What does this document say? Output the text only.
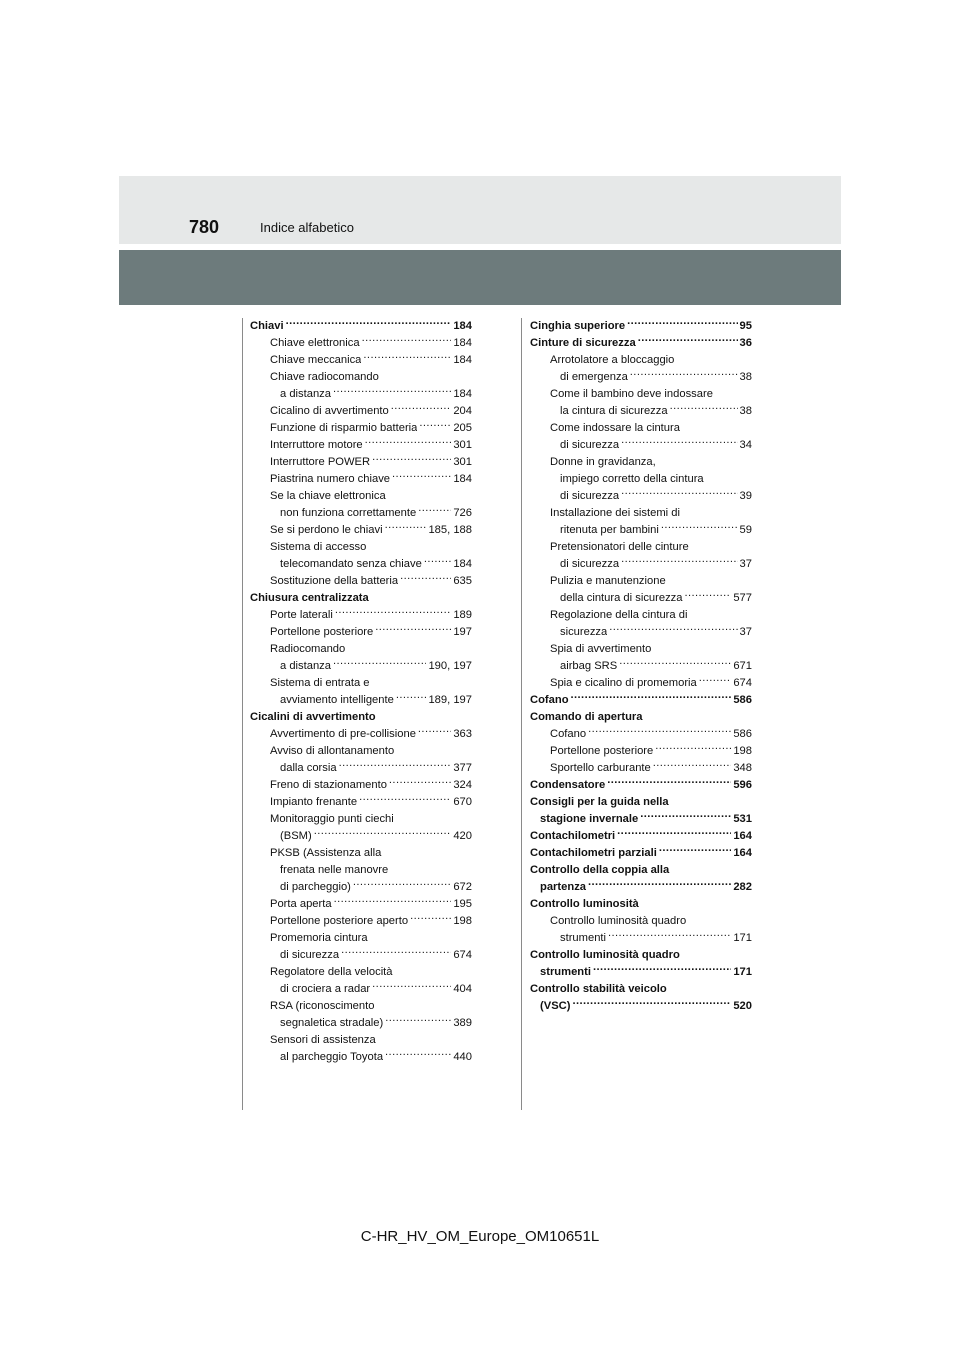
780	Indice alfabetico
Chiavi .....	184
Chiave elettronica .....	184
Chiave meccanica .....	184
Chiave radiocomando
a distanza .....	184
Cicalino di avvertimento .....	204
Funzione di risparmio batteria .....	205
Interruttore motore .....	301
Interruttore POWER .....	301
Piastrina numero chiave .....	184
Se la chiave elettronica
non funziona correttamente .....	726
Se si perdono le chiavi .....	185, 188
Sistema di accesso
telecomandato senza chiave .....	184
Sostituzione della batteria .....	635
Chiusura centralizzata
Porte laterali .....	189
Portellone posteriore .....	197
Radiocomando
a distanza .....	190, 197
Sistema di entrata e
avviamento intelligente .....	189, 197
Cicalini di avvertimento
Avvertimento di pre-collisione .....	363
Avviso di allontanamento
dalla corsia .....	377
Freno di stazionamento .....	324
Impianto frenante .....	670
Monitoraggio punti ciechi
(BSM) .....	420
PKSB (Assistenza alla
frenata nelle manovre
di parcheggio) .....	672
Porta aperta .....	195
Portellone posteriore aperto .....	198
Promemoria cintura
di sicurezza .....	674
Regolatore della velocità
di crociera a radar .....	404
RSA (riconoscimento
segnaletica stradale) .....	389
Sensori di assistenza
al parcheggio Toyota .....	440
Cinghia superiore .....	95
Cinture di sicurezza .....	36
Arrotolatore a bloccaggio
di emergenza .....	38
Come il bambino deve indossare
la cintura di sicurezza .....	38
Come indossare la cintura
di sicurezza .....	34
Donne in gravidanza,
impiego corretto della cintura
di sicurezza .....	39
Installazione dei sistemi di
ritenuta per bambini .....	59
Pretensionatori delle cinture
di sicurezza .....	37
Pulizia e manutenzione
della cintura di sicurezza .....	577
Regolazione della cintura di
sicurezza .....	37
Spia di avvertimento
airbag SRS .....	671
Spia e cicalino di promemoria .....	674
Cofano .....	586
Comando di apertura
Cofano .....	586
Portellone posteriore .....	198
Sportello carburante .....	348
Condensatore .....	596
Consigli per la guida nella
stagione invernale .....	531
Contachilometri .....	164
Contachilometri parziali .....	164
Controllo della coppia alla
partenza .....	282
Controllo luminosità
Controllo luminosità quadro
strumenti .....	171
Controllo luminosità quadro
strumenti .....	171
Controllo stabilità veicolo
(VSC) .....	520
C-HR_HV_OM_Europe_OM10651L
